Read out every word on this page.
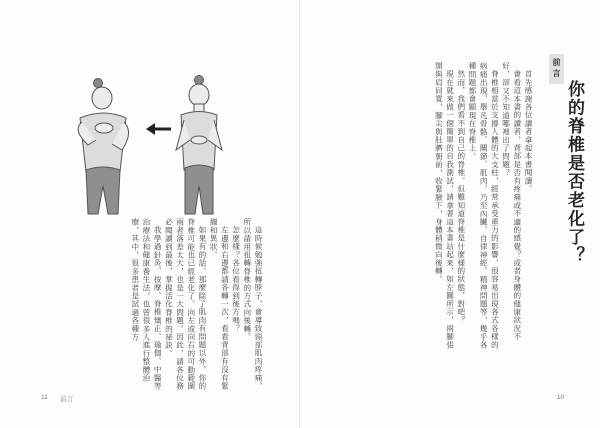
這時候勉強扭轉脖子，會導致頸部肌肉疼痛，所以請用扭轉脊椎的方式向後轉。

怎麼樣？各位看得到後方嗎？

左邊和右邊都請各轉一次，看看背部有沒有緊繃和異狀。

如果有的話，那麼除了肌肉有問題以外，你的脊椎可能也已經老化了。向左或向右的可動範圍兩者落差太大，也是一大問題。因此，請各位務必閱讀到最後，掌握活化脊椎的祕訣。

我學過針灸、按摩、脊椎矯正、瑜伽、中醫等治療法和健康養生法，也曾很多人進行整體治療，其中，很多患者是試過各種方

11 前言
前言
你的脊椎是否老化了？

首先感謝各位讀者拿起本書閱讀。

會看這本書的讀者，背部是否有疼痛或不適的感覺？或者身體的健康狀況不好，卻又不知道哪裡出了問題？

脊椎相當於支撐人體的大支柱，經常承受重力的影響，很容易出現各式各樣的病痛出現，舉凡骨骼、關節、肌肉，乃至內臟、自律神經、精神問題等，幾乎各種問題都會顯現在脊椎上。

然而，我們看不到自己的脊椎。但難知道脊椎是什麼樣的狀態，對吧？

現在就來做一個簡單的自我測試，請拿著這本書站起來，如左圖所示，兩腳張開與肩同寬，腳尖與肚臍朝前，收緊臉下，身體稍微向後轉。

10
